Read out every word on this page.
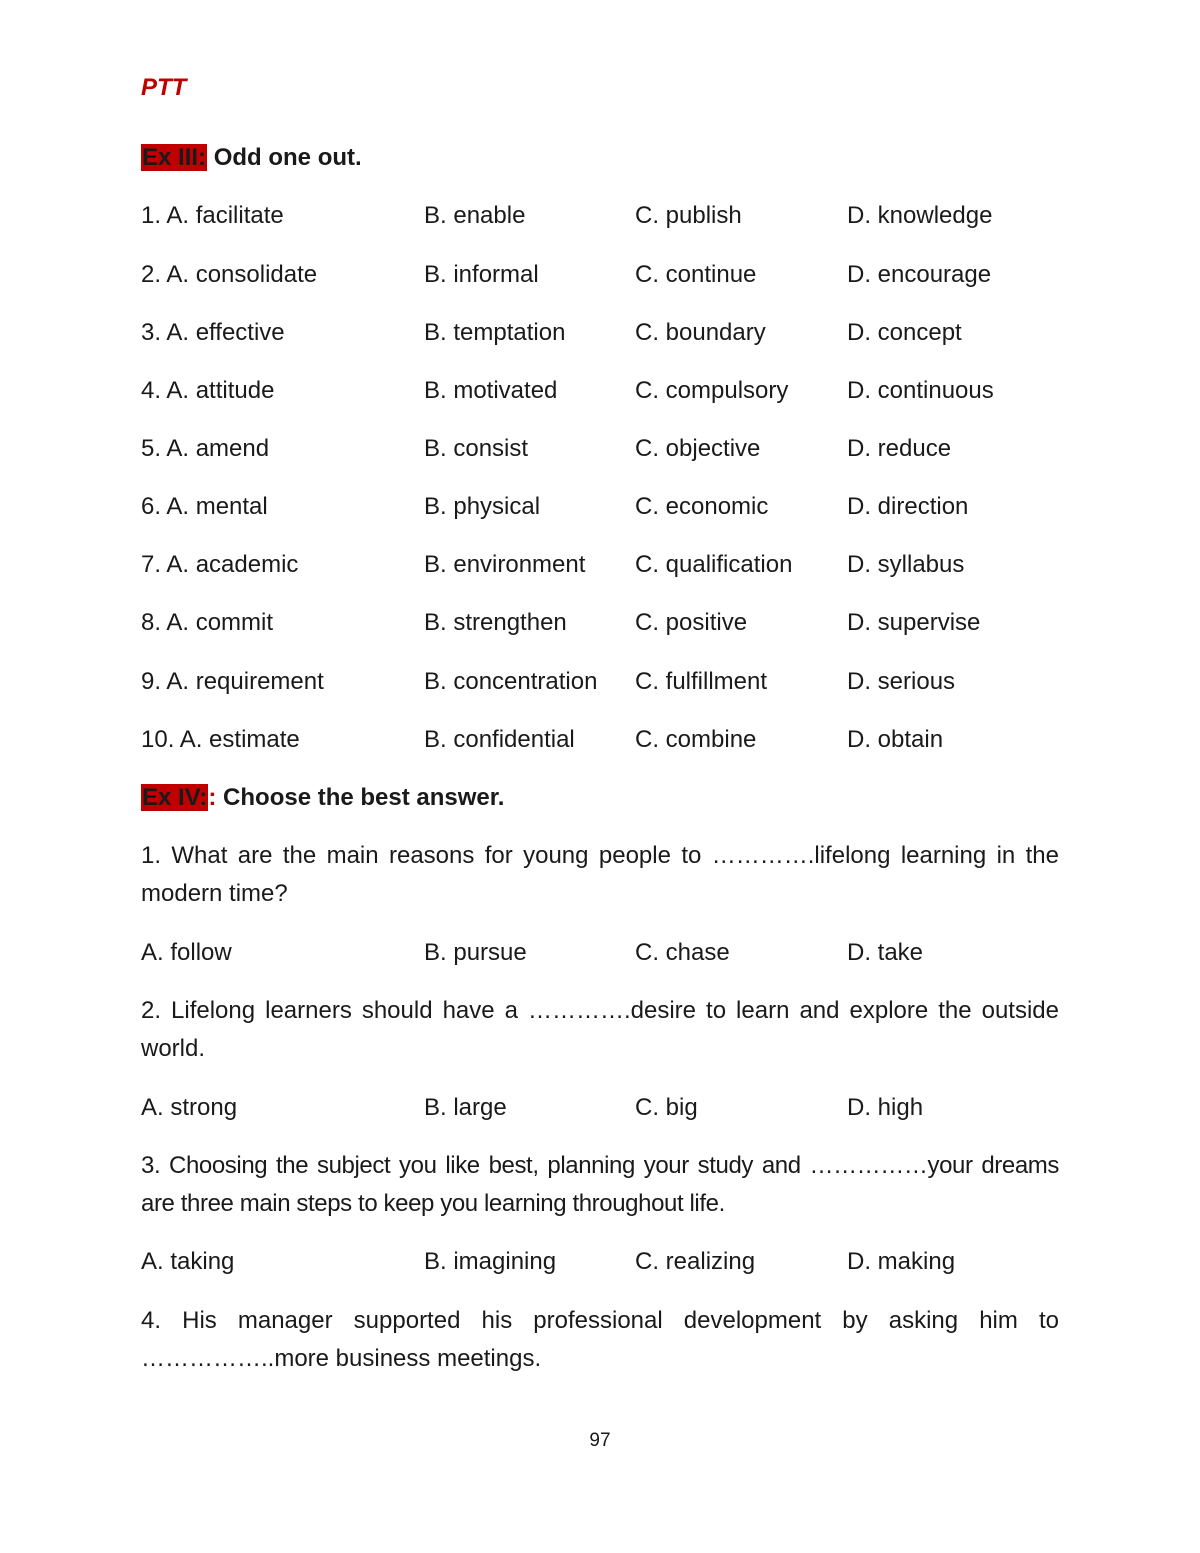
PTT
Ex III: Odd one out.
1. A. facilitate	B. enable	C. publish	D. knowledge
2. A. consolidate	B. informal	C. continue	D. encourage
3. A. effective	B. temptation	C. boundary	D. concept
4. A. attitude	B. motivated	C. compulsory D. continuous
5. A. amend	B. consist	C. objective	D. reduce
6. A. mental	B. physical	C. economic	D. direction
7. A. academic	B. environment C. qualification D. syllabus
8. A. commit	B. strengthen	C. positive	D. supervise
9. A. requirement	B. concentration C. fulfillment	D. serious
10. A. estimate	B. confidential	C. combine	D. obtain
Ex IV:: Choose the best answer.
1. What are the main reasons for young people to ………….lifelong learning in the modern time?
A. follow	B. pursue	C. chase	D. take
2. Lifelong learners should have a ………….desire to learn and explore the outside world.
A. strong	B. large	C. big	D. high
3. Choosing the subject you like best, planning your study and ……………your dreams are three main steps to keep you learning throughout life.
A. taking	B. imagining	C. realizing	D. making
4. His manager supported his professional development by asking him to ……………..more business meetings.
97
